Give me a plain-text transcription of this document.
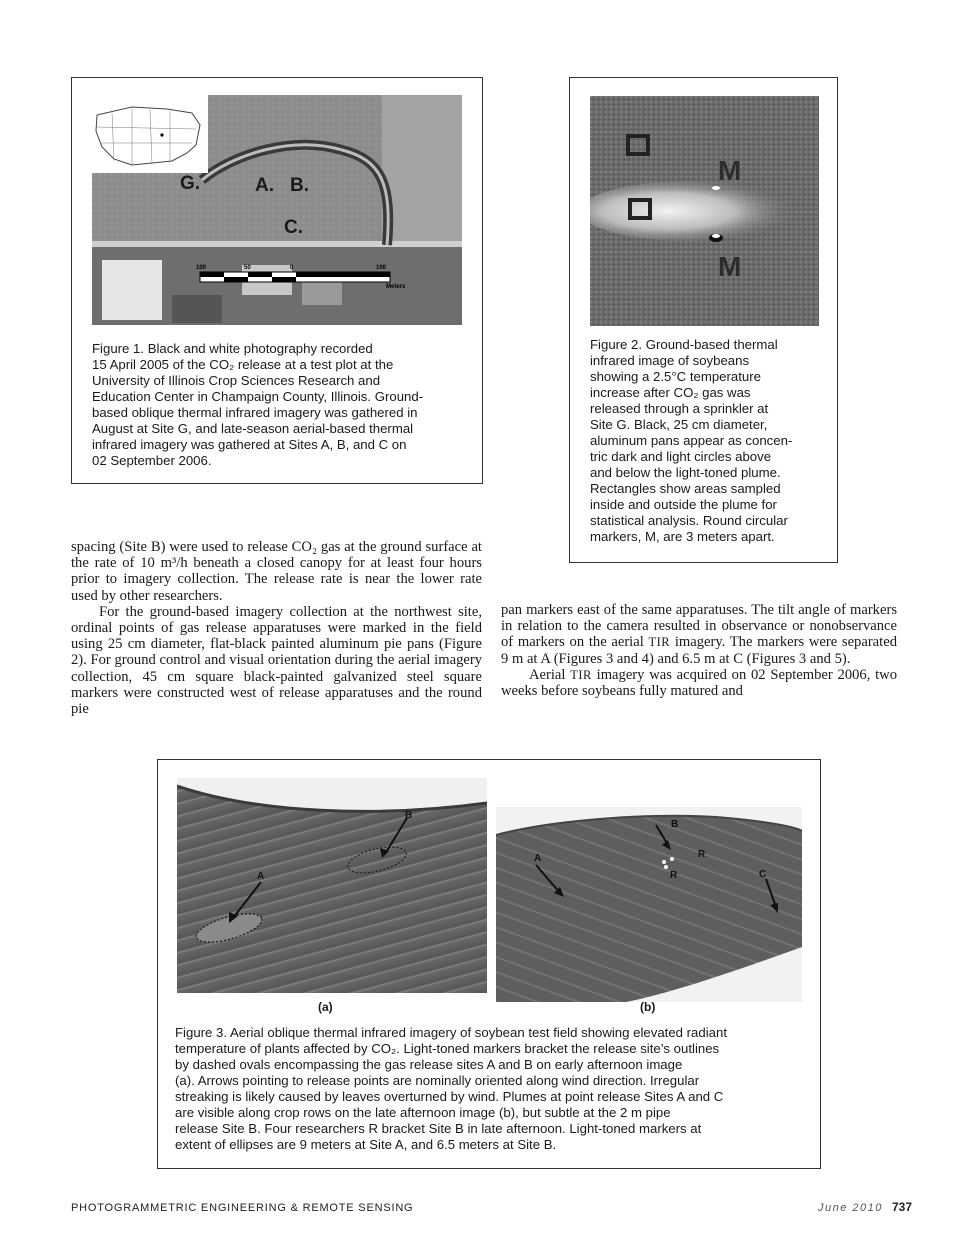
G.	A. B.
C.
100	50	0	100
Meters

Figure 1. Black and white photography recorded

15 April 2005 of the CO₂ release at a test plot at the

University of Illinois Crop Sciences Research and

Education Center in Champaign County, Illinois. Ground-

based oblique thermal infrared imagery was gathered in

August at Site G, and late-season aerial-based thermal

infrared imagery was gathered at Sites A, B, and C on

02 September 2006.

M
M

Figure 2. Ground-based thermal

infrared image of soybeans

showing a 2.5°C temperature

increase after CO₂ gas was

released through a sprinkler at

Site G. Black, 25 cm diameter,

aluminum pans appear as concen-

tric dark and light circles above

and below the light-toned plume.

Rectangles show areas sampled

inside and outside the plume for

statistical analysis. Round circular

markers, M, are 3 meters apart.

spacing (Site B) were used to release CO₂ gas at the ground surface at the rate of 10 m³/h beneath a closed canopy for at least four hours prior to imagery collection. The release rate is near the lower rate used by other researchers.

For the ground-based imagery collection at the northwest site, ordinal points of gas release apparatuses were marked in the field using 25 cm diameter, flat-black painted aluminum pie pans (Figure 2). For ground control and visual orientation during the aerial imagery collection, 45 cm square black-painted galvanized steel square markers were constructed west of release apparatuses and the round pie

pan markers east of the same apparatuses. The tilt angle of markers in relation to the camera resulted in observance or nonobservance of markers on the aerial TIR imagery. The markers were separated 9 m at A (Figures 3 and 4) and 6.5 m at C (Figures 3 and 5).

Aerial TIR imagery was acquired on 02 September 2006, two weeks before soybeans fully matured and

B
A
A
B
R
R	C
(a)	(b)

Figure 3. Aerial oblique thermal infrared imagery of soybean test field showing elevated radiant

temperature of plants affected by CO₂. Light-toned markers bracket the release site’s outlines

by dashed ovals encompassing the gas release sites A and B on early afternoon image

(a). Arrows pointing to release points are nominally oriented along wind direction. Irregular

streaking is likely caused by leaves overturned by wind. Plumes at point release Sites A and C

are visible along crop rows on the late afternoon image (b), but subtle at the 2 m pipe

release Site B. Four researchers R bracket Site B in late afternoon. Light-toned markers at

extent of ellipses are 9 meters at Site A, and 6.5 meters at Site B.

PHOTOGRAMMETRIC ENGINEERING & REMOTE SENSING	June 2010 737
